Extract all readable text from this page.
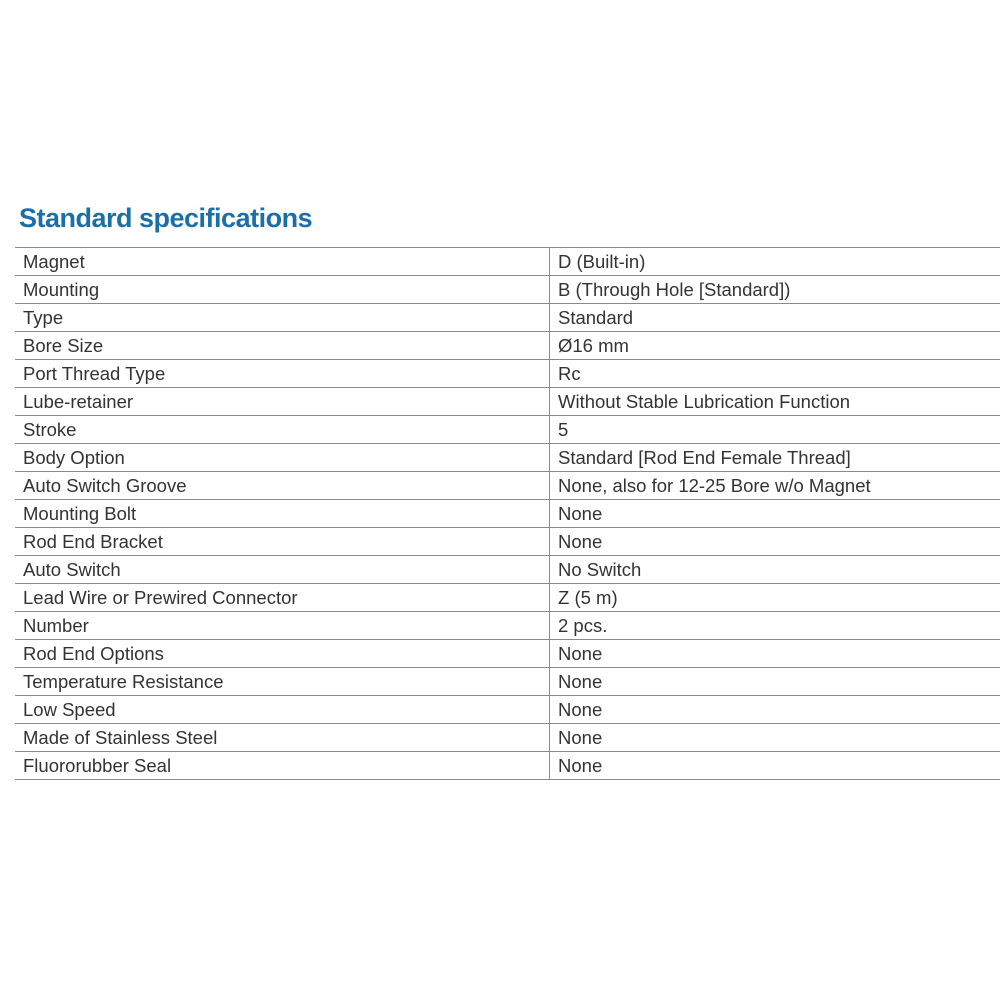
Standard specifications
Magnet	D (Built-in)
Mounting	B (Through Hole [Standard])
Type	Standard
Bore Size	Ø16 mm
Port Thread Type	Rc
Lube-retainer	Without Stable Lubrication Function
Stroke	5
Body Option	Standard [Rod End Female Thread]
Auto Switch Groove	None, also for 12-25 Bore w/o Magnet
Mounting Bolt	None
Rod End Bracket	None
Auto Switch	No Switch
Lead Wire or Prewired Connector	Z (5 m)
Number	2 pcs.
Rod End Options	None
Temperature Resistance	None
Low Speed	None
Made of Stainless Steel	None
Fluororubber Seal	None
